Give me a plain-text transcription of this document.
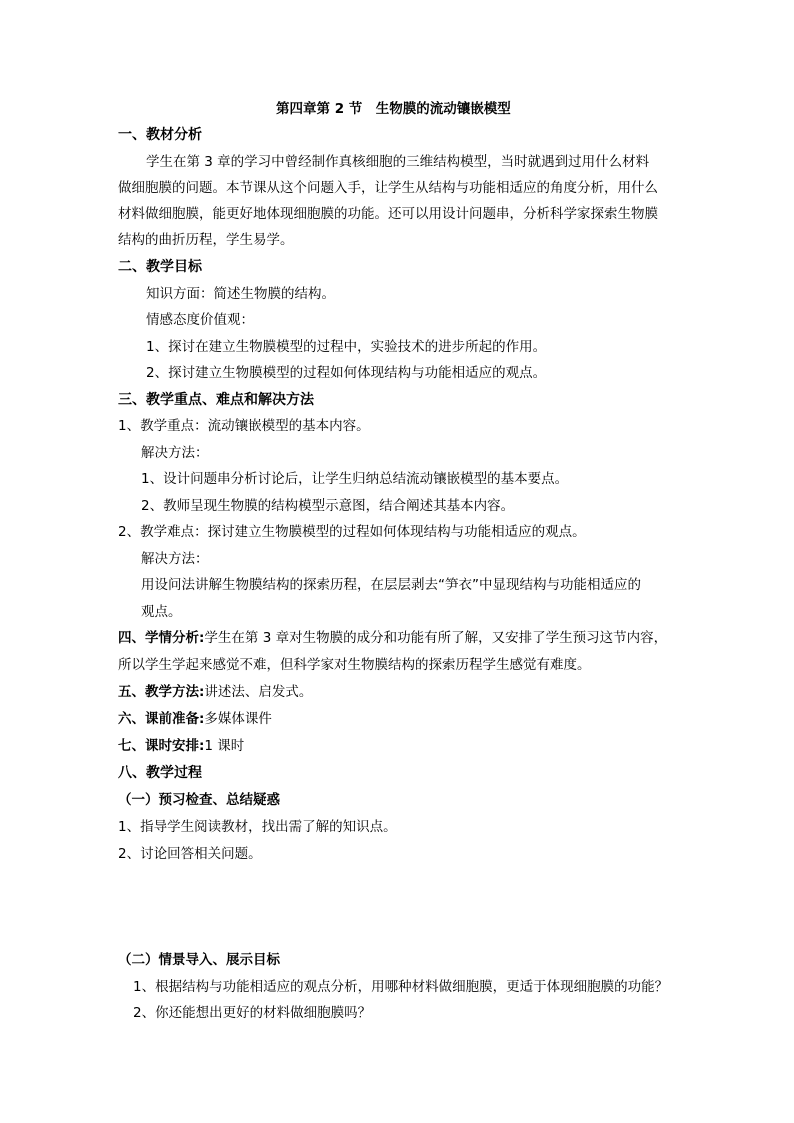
第四章第 2 节　生物膜的流动镶嵌模型
一、教材分析
学生在第 3 章的学习中曾经制作真核细胞的三维结构模型，当时就遇到过用什么材料
做细胞膜的问题。本节课从这个问题入手，让学生从结构与功能相适应的角度分析，用什么
材料做细胞膜，能更好地体现细胞膜的功能。还可以用设计问题串，分析科学家探索生物膜
结构的曲折历程，学生易学。
二、教学目标
知识方面：简述生物膜的结构。
情感态度价值观：
1、探讨在建立生物膜模型的过程中，实验技术的进步所起的作用。
2、探讨建立生物膜模型的过程如何体现结构与功能相适应的观点。
三、教学重点、难点和解决方法
1、教学重点：流动镶嵌模型的基本内容。
解决方法：
1、设计问题串分析讨论后，让学生归纳总结流动镶嵌模型的基本要点。
2、教师呈现生物膜的结构模型示意图，结合阐述其基本内容。
2、教学难点：探讨建立生物膜模型的过程如何体现结构与功能相适应的观点。
解决方法：
用设问法讲解生物膜结构的探索历程，在层层剥去“笋衣”中显现结构与功能相适应的
观点。
四、学情分析:学生在第 3 章对生物膜的成分和功能有所了解，又安排了学生预习这节内容，
所以学生学起来感觉不难，但科学家对生物膜结构的探索历程学生感觉有难度。
五、教学方法:讲述法、启发式。
六、课前准备:多媒体课件
七、课时安排:1 课时
八、教学过程
（一）预习检查、总结疑惑
1、指导学生阅读教材，找出需了解的知识点。
2、讨论回答相关问题。
（二）情景导入、展示目标
1、根据结构与功能相适应的观点分析，用哪种材料做细胞膜，更适于体现细胞膜的功能？
2、你还能想出更好的材料做细胞膜吗？
